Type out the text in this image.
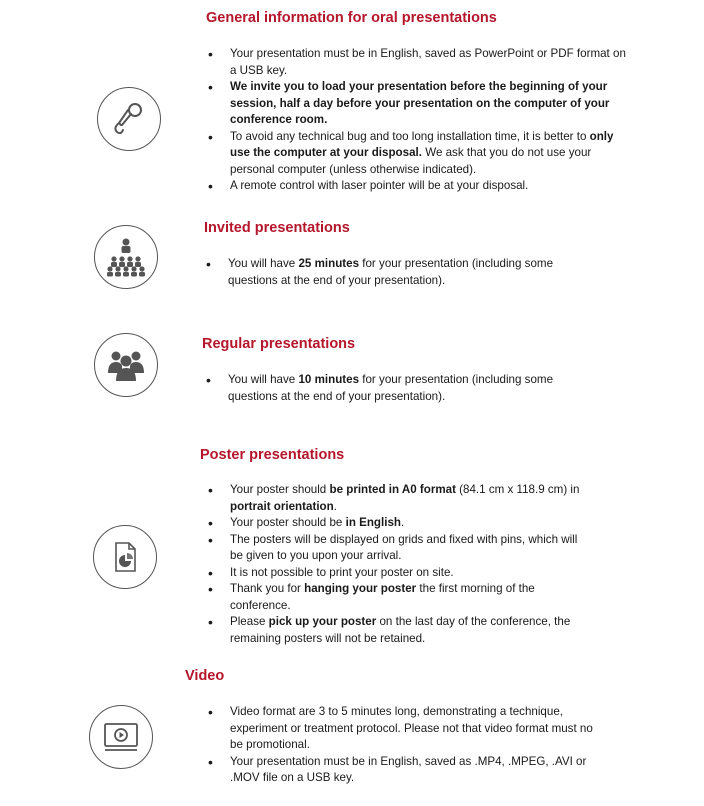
General information for oral presentations
• Your presentation must be in English, saved as PowerPoint or PDF format on a USB key.
• We invite you to load your presentation before the beginning of your session, half a day before your presentation on the computer of your conference room.
• To avoid any technical bug and too long installation time, it is better to only use the computer at your disposal. We ask that you do not use your personal computer (unless otherwise indicated).
• A remote control with laser pointer will be at your disposal.
Invited presentations
• You will have 25 minutes for your presentation (including some questions at the end of your presentation).
Regular presentations
• You will have 10 minutes for your presentation (including some questions at the end of your presentation).
Poster presentations
• Your poster should be printed in A0 format (84.1 cm x 118.9 cm) in portrait orientation.
• Your poster should be in English.
• The posters will be displayed on grids and fixed with pins, which will be given to you upon your arrival.
• It is not possible to print your poster on site.
• Thank you for hanging your poster the first morning of the conference.
• Please pick up your poster on the last day of the conference, the remaining posters will not be retained.
Video
• Video format are 3 to 5 minutes long, demonstrating a technique, experiment or treatment protocol. Please not that video format must no be promotional.
• Your presentation must be in English, saved as .MP4, .MPEG, .AVI or .MOV file on a USB key.
